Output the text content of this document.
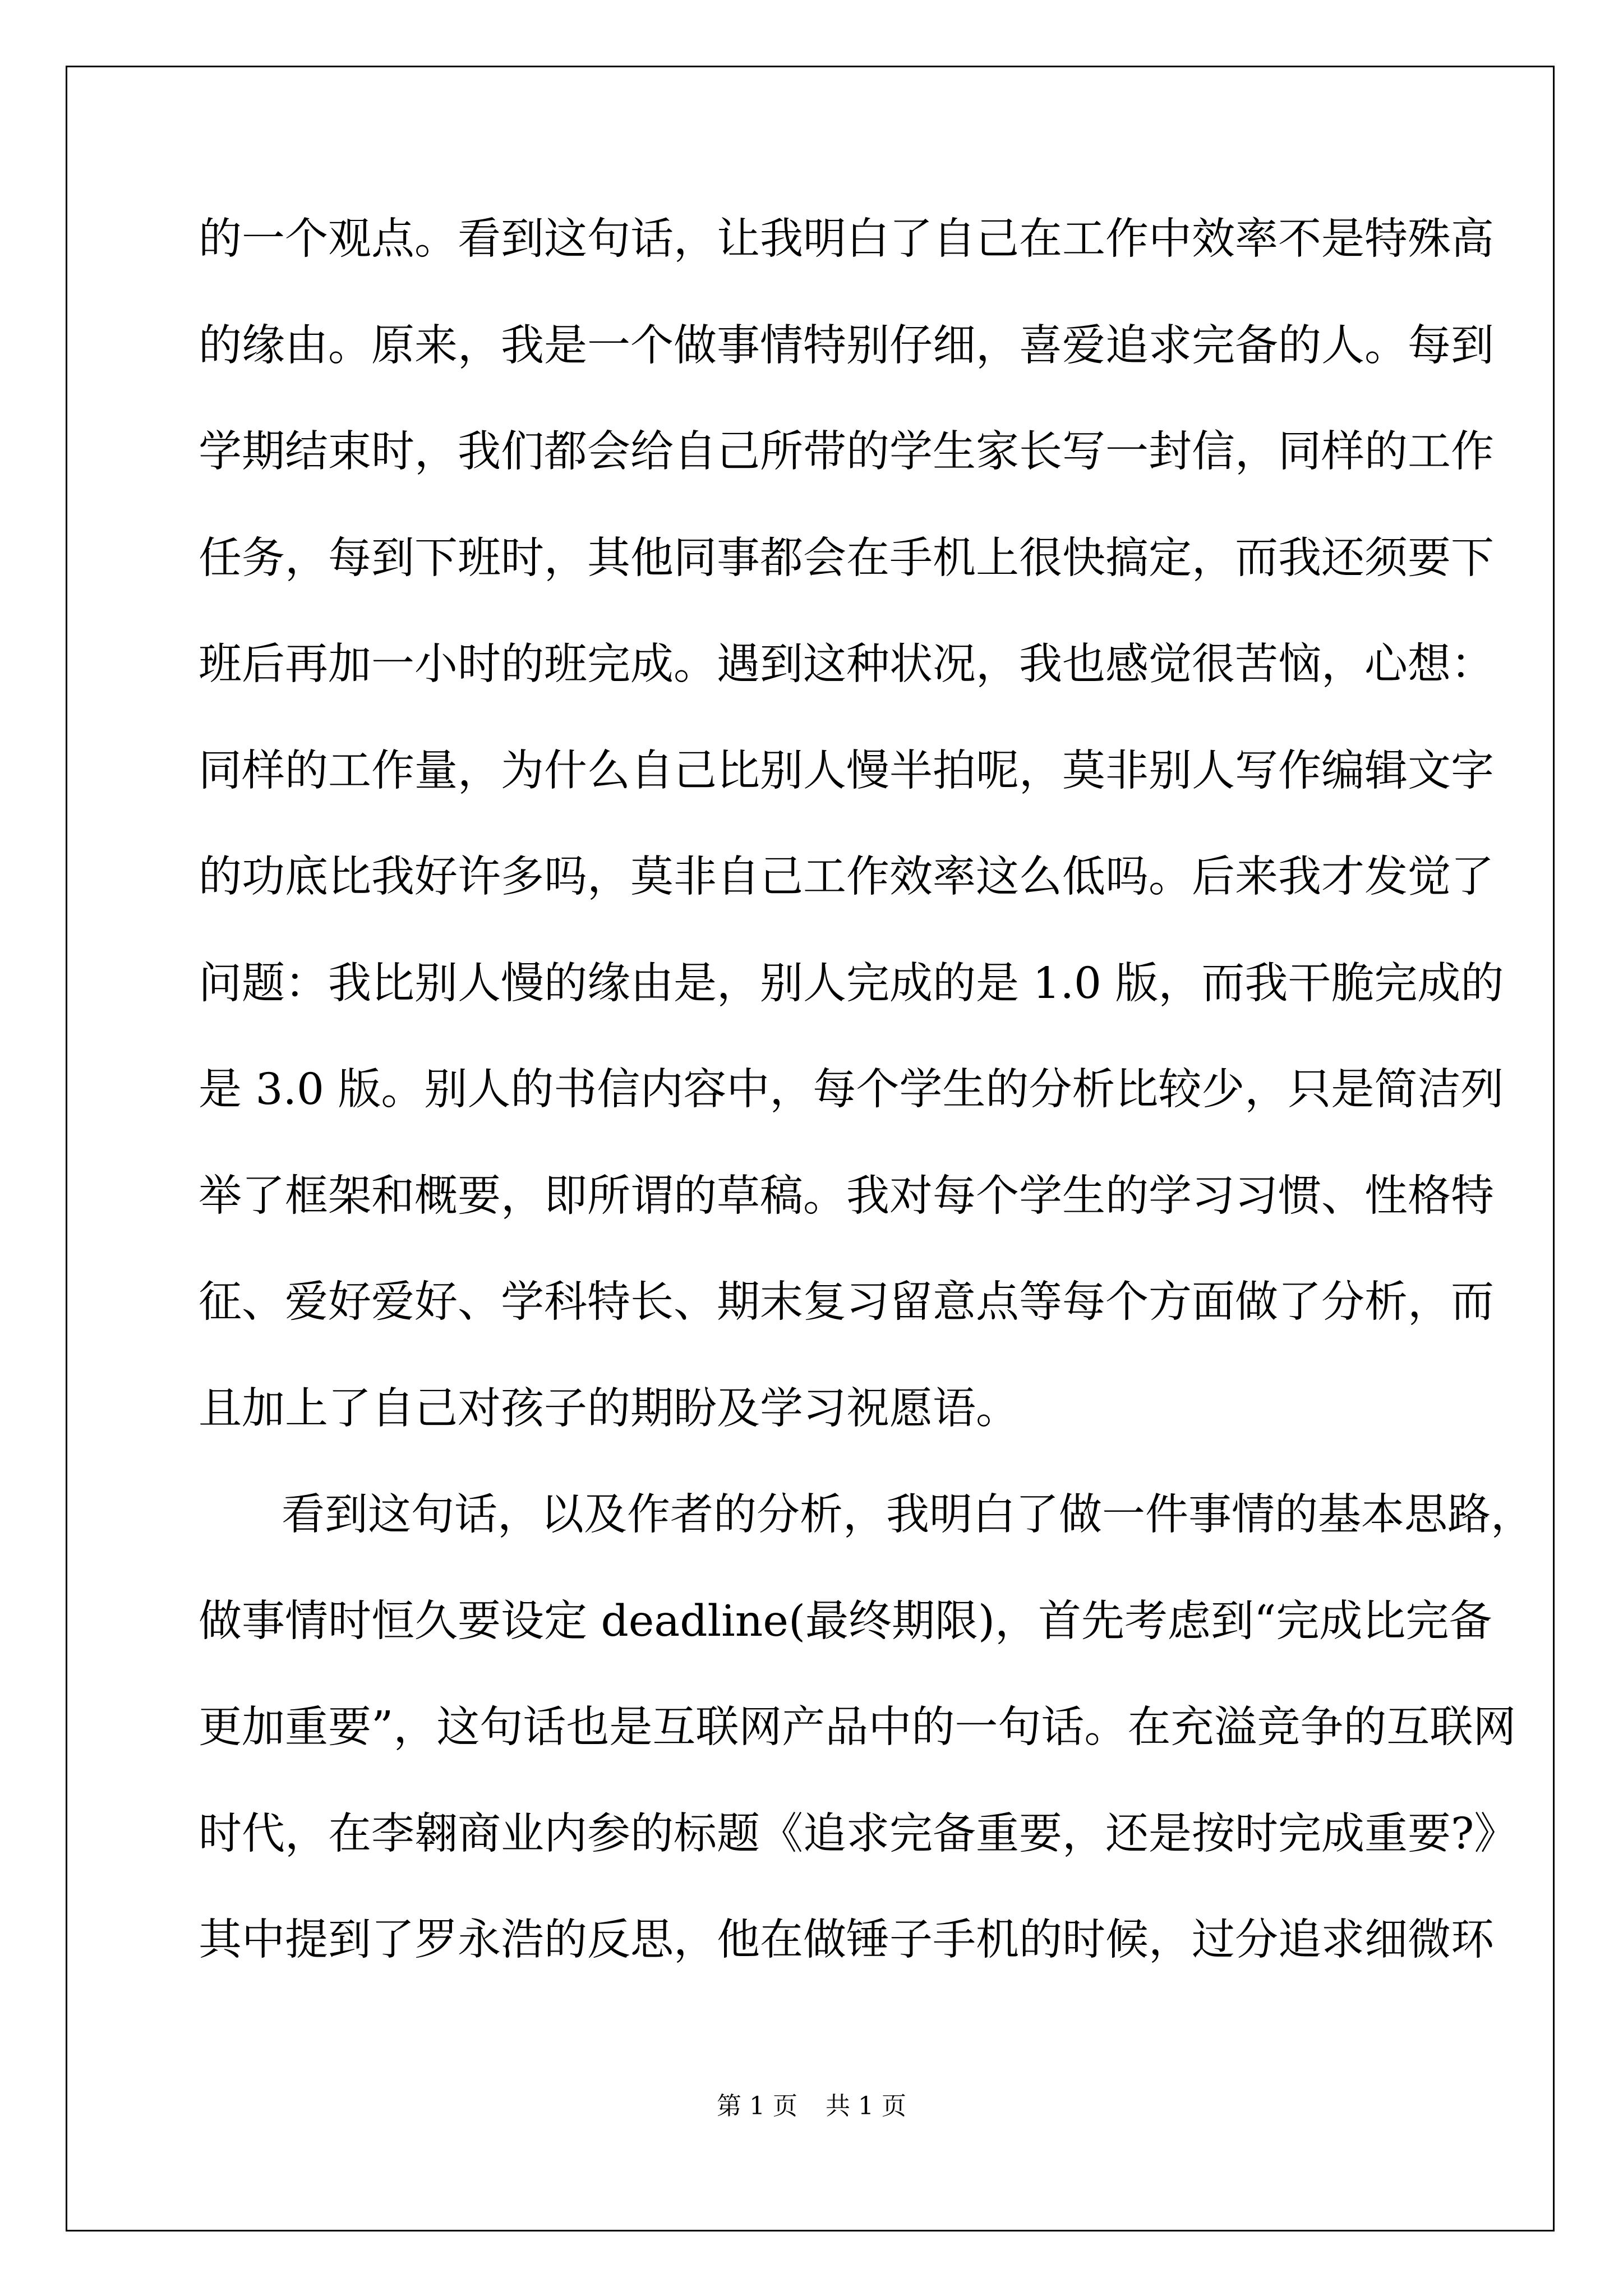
的一个观点。看到这句话，让我明白了自己在工作中效率不是特殊高
的缘由。原来，我是一个做事情特别仔细，喜爱追求完备的人。每到
学期结束时，我们都会给自己所带的学生家长写一封信，同样的工作
任务，每到下班时，其他同事都会在手机上很快搞定，而我还须要下
班后再加一小时的班完成。遇到这种状况，我也感觉很苦恼，心想：
同样的工作量，为什么自己比别人慢半拍呢，莫非别人写作编辑文字
的功底比我好许多吗，莫非自己工作效率这么低吗。后来我才发觉了
问题：我比别人慢的缘由是，别人完成的是 1.0 版，而我干脆完成的
是 3.0 版。别人的书信内容中，每个学生的分析比较少，只是简洁列
举了框架和概要，即所谓的草稿。我对每个学生的学习习惯、性格特
征、爱好爱好、学科特长、期末复习留意点等每个方面做了分析，而
且加上了自己对孩子的期盼及学习祝愿语。
看到这句话，以及作者的分析，我明白了做一件事情的基本思路，
做事情时恒久要设定 deadline(最终期限)，首先考虑到“完成比完备
更加重要”，这句话也是互联网产品中的一句话。在充溢竞争的互联网
时代，在李翱商业内参的标题《追求完备重要，还是按时完成重要?》
其中提到了罗永浩的反思，他在做锤子手机的时候，过分追求细微环
第 1 页 共 1 页
